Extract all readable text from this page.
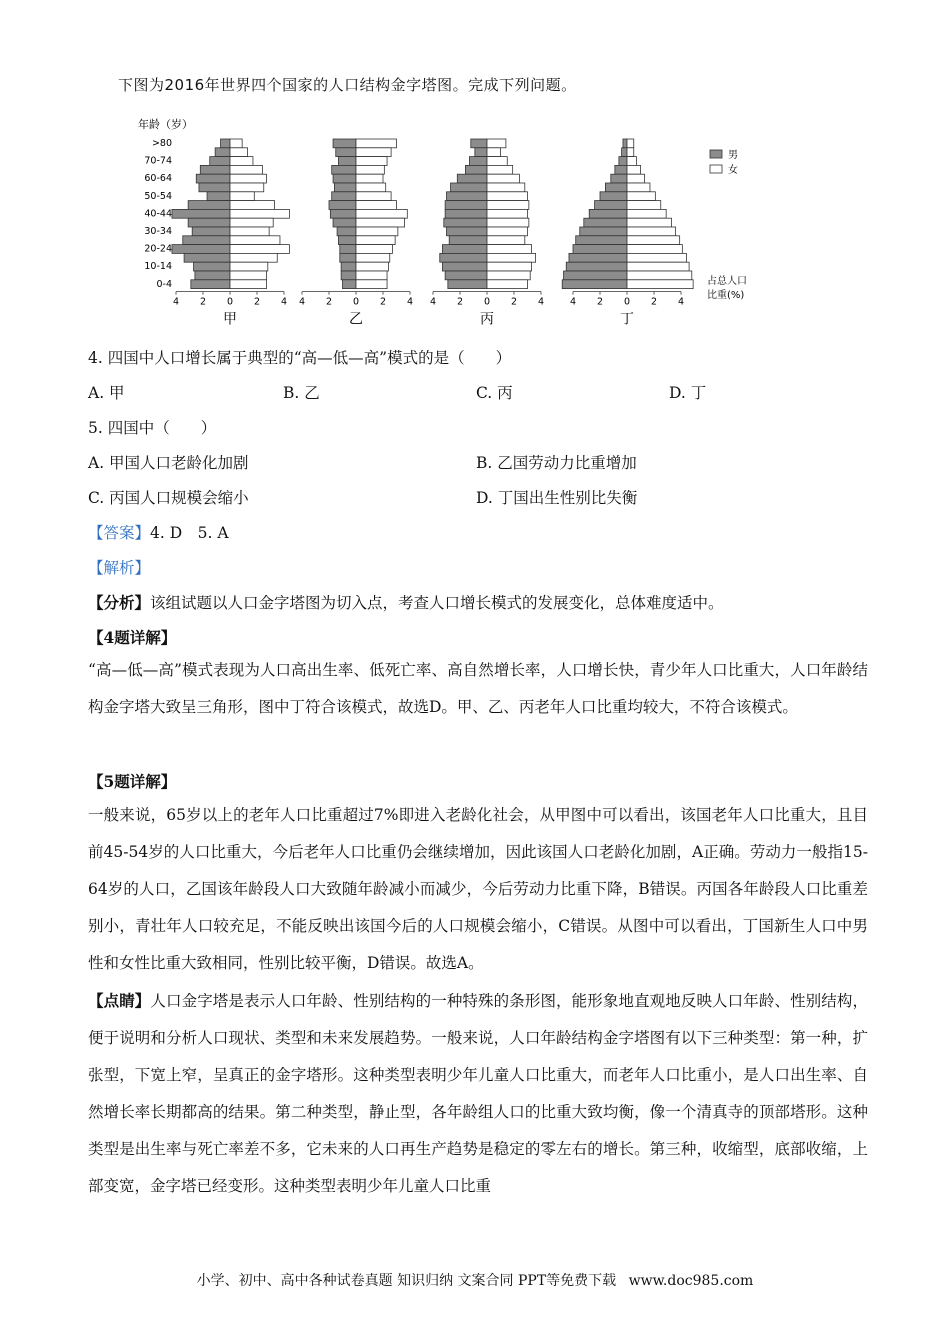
下图为2016年世界四个国家的人口结构金字塔图。完成下列问题。
年龄（岁）
>80
70-74
60-64
50-54
40-44
30-34
20-24
10-14
0-4
4 2 0 2 4
甲
4 2 0 2 4
乙
4 2 0 2 4
丙
4 2 0 2 4
丁
男
女
占总人口
比重(%)
4. 四国中人口增长属于典型的“高—低—高”模式的是（　　）
A. 甲	B. 乙	C. 丙	D. 丁
5. 四国中（　　）
A. 甲国人口老龄化加剧	B. 乙国劳动力比重增加
C. 丙国人口规模会缩小	D. 丁国出生性别比失衡
【答案】4. D　5. A
【解析】
【分析】该组试题以人口金字塔图为切入点，考查人口增长模式的发展变化，总体难度适中。
【4题详解】
“高—低—高”模式表现为人口高出生率、低死亡率、高自然增长率，人口增长快，青少年人口比重大，人口年龄结构金字塔大致呈三角形，图中丁符合该模式，故选D。甲、乙、丙老年人口比重均较大，不符合该模式。
【5题详解】
一般来说，65岁以上的老年人口比重超过7%即进入老龄化社会，从甲图中可以看出，该国老年人口比重大，且目前45-54岁的人口比重大，今后老年人口比重仍会继续增加，因此该国人口老龄化加剧，A正确。劳动力一般指15-64岁的人口，乙国该年龄段人口大致随年龄减小而减少，今后劳动力比重下降，B错误。丙国各年龄段人口比重差别小，青壮年人口较充足，不能反映出该国今后的人口规模会缩小，C错误。从图中可以看出，丁国新生人口中男性和女性比重大致相同，性别比较平衡，D错误。故选A。
【点睛】人口金字塔是表示人口年龄、性别结构的一种特殊的条形图，能形象地直观地反映人口年龄、性别结构，便于说明和分析人口现状、类型和未来发展趋势。一般来说，人口年龄结构金字塔图有以下三种类型：第一种，扩张型，下宽上窄，呈真正的金字塔形。这种类型表明少年儿童人口比重大，而老年人口比重小，是人口出生率、自然增长率长期都高的结果。第二种类型，静止型，各年龄组人口的比重大致均衡，像一个清真寺的顶部塔形。这种类型是出生率与死亡率差不多，它未来的人口再生产趋势是稳定的零左右的增长。第三种，收缩型，底部收缩，上部变宽，金字塔已经变形。这种类型表明少年儿童人口比重
小学、初中、高中各种试卷真题 知识归纳 文案合同 PPT等免费下载 www.doc985.com
